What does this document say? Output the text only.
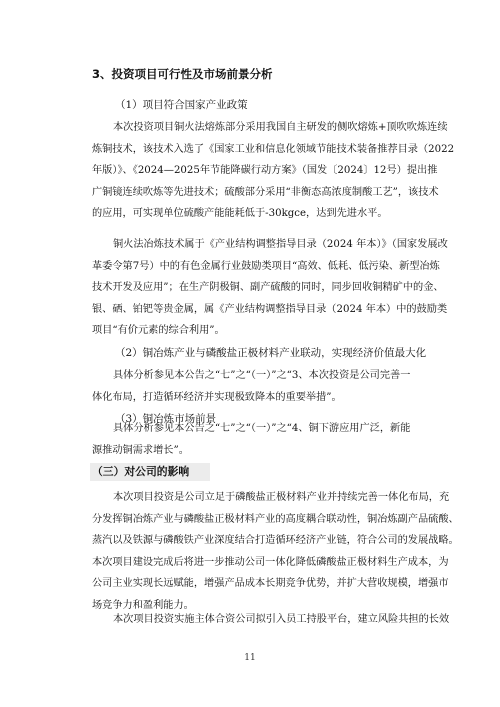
3、投资项目可行性及市场前景分析
（1）项目符合国家产业政策
本次投资项目铜火法熔炼部分采用我国自主研发的侧吹熔炼+顶吹吹炼连续
炼铜技术，该技术入选了《国家工业和信息化领域节能技术装备推荐目录（2022
年版）》、《2024—2025年节能降碳行动方案》（国发〔2024〕12号）提出推
广铜镜连续吹炼等先进技术；硫酸部分采用“非衡态高浓度制酸工艺”，该技术
的应用，可实现单位硫酸产能能耗低于-30kgce，达到先进水平。
铜火法冶炼技术属于《产业结构调整指导目录（2024 年本）》（国家发展改
革委令第7号）中的有色金属行业鼓励类项目“高效、低耗、低污染、新型冶炼
技术开发及应用”；在生产阴极铜、副产硫酸的同时，同步回收铜精矿中的金、
银、硒、铂钯等贵金属，属《产业结构调整指导目录（2024 年本）中的鼓励类
项目“有价元素的综合利用”。
（2）铜冶炼产业与磷酸盐正极材料产业联动，实现经济价值最大化
具体分析参见本公告之“七”之“（一）”之“3、本次投资是公司完善一
体化布局，打造循环经济并实现极致降本的重要举措”。
（3）铜冶炼市场前景
具体分析参见本公告之“七”之“（一）”之“4、铜下游应用广泛，新能
源推动铜需求增长”。
（三）对公司的影响
本次项目投资是公司立足于磷酸盐正极材料产业并持续完善一体化布局，充
分发挥铜冶炼产业与磷酸盐正极材料产业的高度耦合联动性，铜冶炼副产品硫酸、
蒸汽以及铁源与磷酸铁产业深度结合打造循环经济产业链，符合公司的发展战略。
本次项目建设完成后将进一步推动公司一体化降低磷酸盐正极材料生产成本，为
公司主业实现长远赋能，增强产品成本长期竞争优势，并扩大营收规模，增强市
场竞争力和盈利能力。
本次项目投资实施主体合资公司拟引入员工持股平台，建立风险共担的长效
11
